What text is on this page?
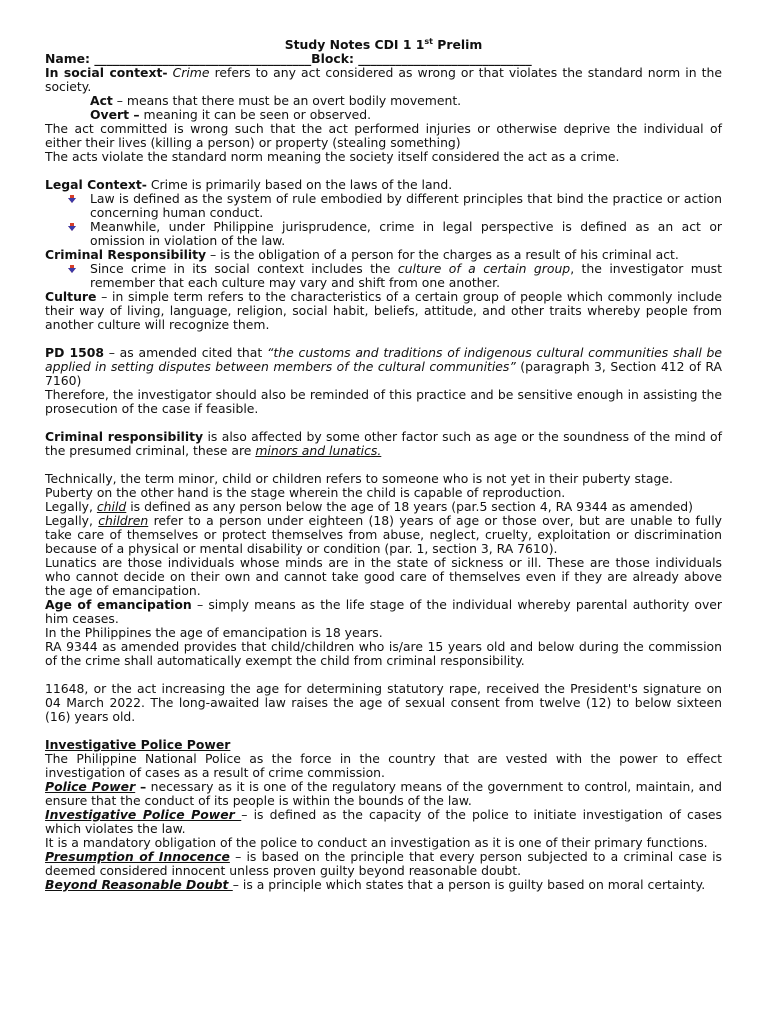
Study Notes CDI 1 1st Prelim

Name: ___________________________________Block: ____________________________

In social context- Crime refers to any act considered as wrong or that violates the standard norm in the society.

Act – means that there must be an overt bodily movement.

Overt – meaning it can be seen or observed.

The act committed is wrong such that the act performed injuries or otherwise deprive the individual of either their lives (killing a person) or property (stealing something)

The acts violate the standard norm meaning the society itself considered the act as a crime.

Legal Context- Crime is primarily based on the laws of the land.

Law is defined as the system of rule embodied by different principles that bind the practice or action concerning human conduct.
Meanwhile, under Philippine jurisprudence, crime in legal perspective is defined as an act or omission in violation of the law.

Criminal Responsibility – is the obligation of a person for the charges as a result of his criminal act.

Since crime in its social context includes the culture of a certain group, the investigator must remember that each culture may vary and shift from one another.

Culture – in simple term refers to the characteristics of a certain group of people which commonly include their way of living, language, religion, social habit, beliefs, attitude, and other traits whereby people from another culture will recognize them.

PD 1508 – as amended cited that “the customs and traditions of indigenous cultural communities shall be applied in setting disputes between members of the cultural communities” (paragraph 3, Section 412 of RA 7160)

Therefore, the investigator should also be reminded of this practice and be sensitive enough in assisting the prosecution of the case if feasible.

Criminal responsibility is also affected by some other factor such as age or the soundness of the mind of the presumed criminal, these are minors and lunatics.

Technically, the term minor, child or children refers to someone who is not yet in their puberty stage.

Puberty on the other hand is the stage wherein the child is capable of reproduction.

Legally, child is defined as any person below the age of 18 years (par.5 section 4, RA 9344 as amended)

Legally, children refer to a person under eighteen (18) years of age or those over, but are unable to fully take care of themselves or protect themselves from abuse, neglect, cruelty, exploitation or discrimination because of a physical or mental disability or condition (par. 1, section 3, RA 7610).

Lunatics are those individuals whose minds are in the state of sickness or ill. These are those individuals who cannot decide on their own and cannot take good care of themselves even if they are already above the age of emancipation.

Age of emancipation – simply means as the life stage of the individual whereby parental authority over him ceases.

In the Philippines the age of emancipation is 18 years.

RA 9344 as amended provides that child/children who is/are 15 years old and below during the commission of the crime shall automatically exempt the child from criminal responsibility.

11648, or the act increasing the age for determining statutory rape, received the President's signature on 04 March 2022. The long-awaited law raises the age of sexual consent from twelve (12) to below sixteen (16) years old.

Investigative Police Power

The Philippine National Police as the force in the country that are vested with the power to effect investigation of cases as a result of crime commission.

Police Power – necessary as it is one of the regulatory means of the government to control, maintain, and ensure that the conduct of its people is within the bounds of the law.

Investigative Police Power – is defined as the capacity of the police to initiate investigation of cases which violates the law.

It is a mandatory obligation of the police to conduct an investigation as it is one of their primary functions.

Presumption of Innocence – is based on the principle that every person subjected to a criminal case is deemed considered innocent unless proven guilty beyond reasonable doubt.

Beyond Reasonable Doubt – is a principle which states that a person is guilty based on moral certainty.
